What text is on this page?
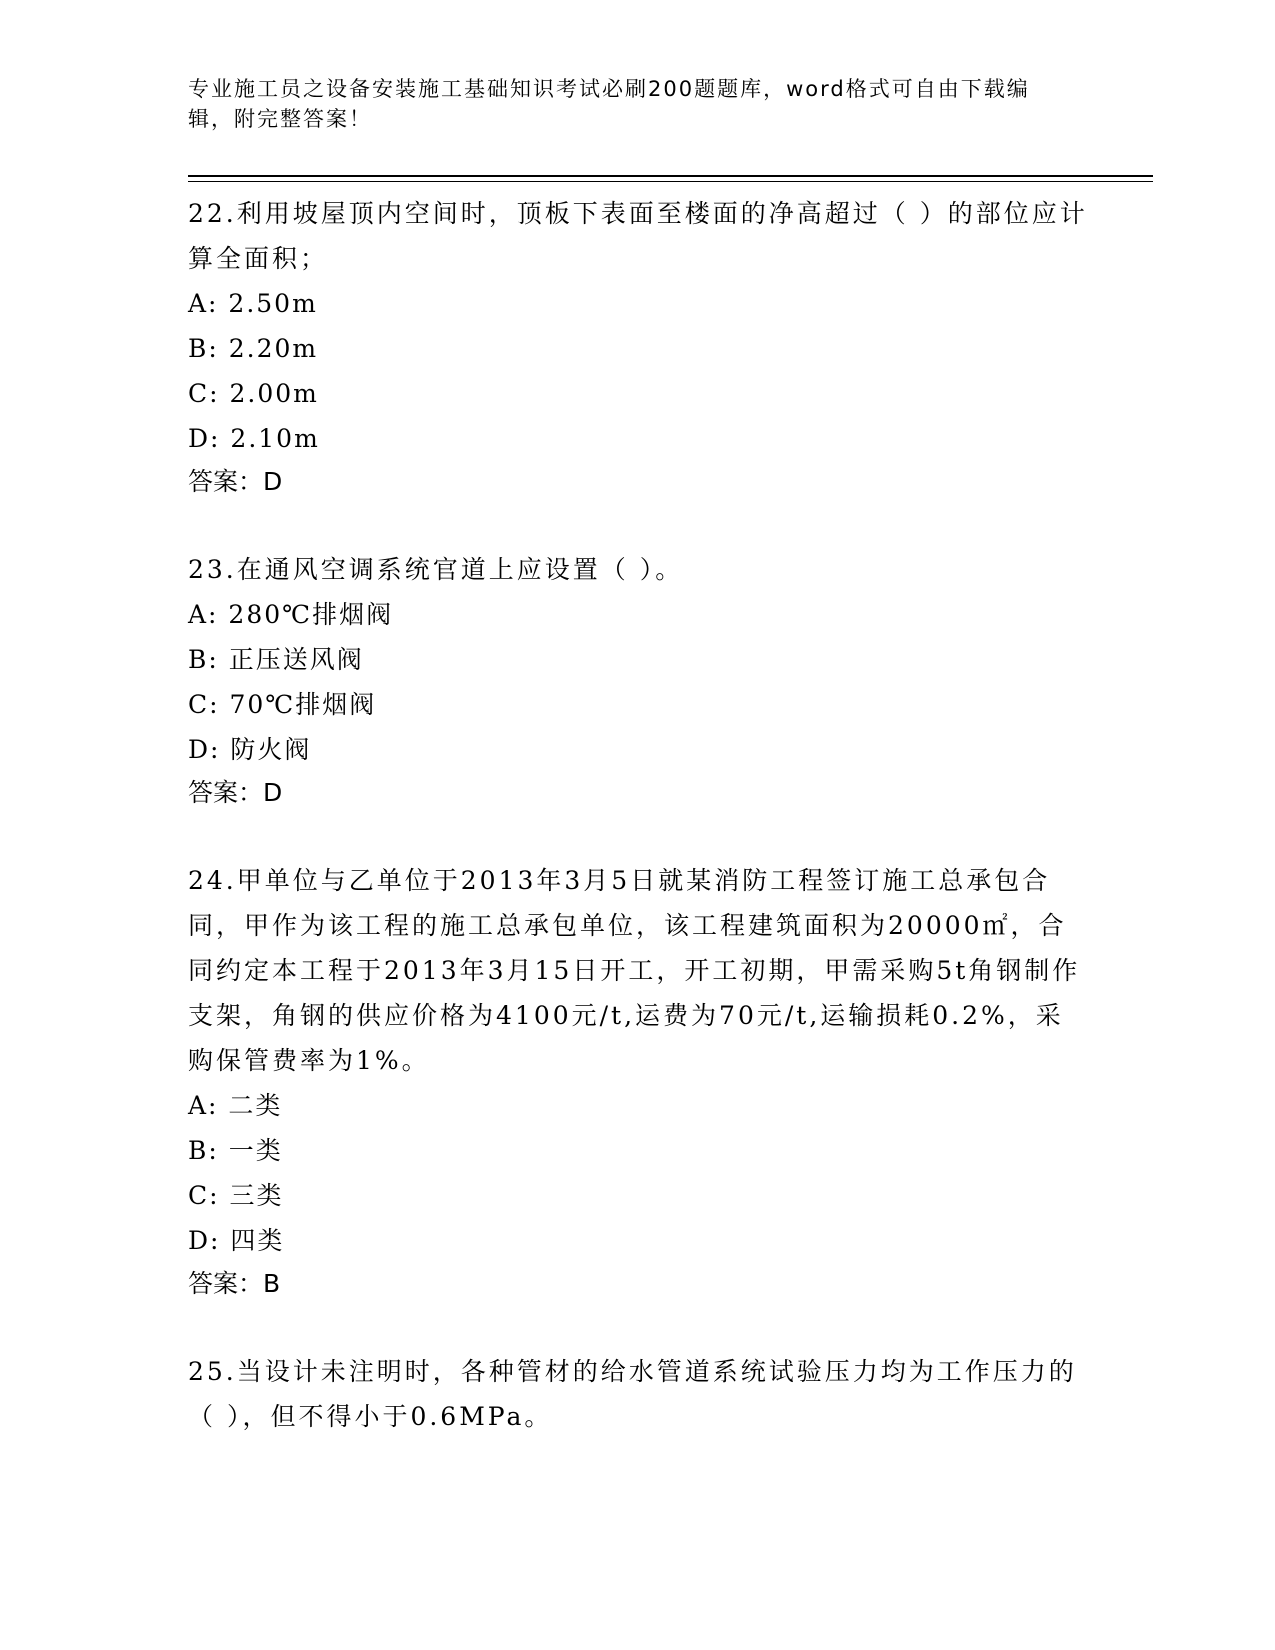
专业施工员之设备安装施工基础知识考试必刷200题题库，word格式可自由下载编辑，附完整答案！

22.利用坡屋顶内空间时，顶板下表面至楼面的净高超过（ ）的部位应计算全面积；

A: 2.50m

B: 2.20m

C: 2.00m

D: 2.10m

答案：D

23.在通风空调系统官道上应设置（ ）。

A: 280℃排烟阀

B: 正压送风阀

C: 70℃排烟阀

D: 防火阀

答案：D

24.甲单位与乙单位于2013年3月5日就某消防工程签订施工总承包合同，甲作为该工程的施工总承包单位，该工程建筑面积为20000㎡，合同约定本工程于2013年3月15日开工，开工初期，甲需采购5t角钢制作支架，角钢的供应价格为4100元/t,运费为70元/t,运输损耗0.2%，采购保管费率为1%。

A: 二类

B: 一类

C: 三类

D: 四类

答案：B

25.当设计未注明时，各种管材的给水管道系统试验压力均为工作压力的（ ），但不得小于0.6MPa。
